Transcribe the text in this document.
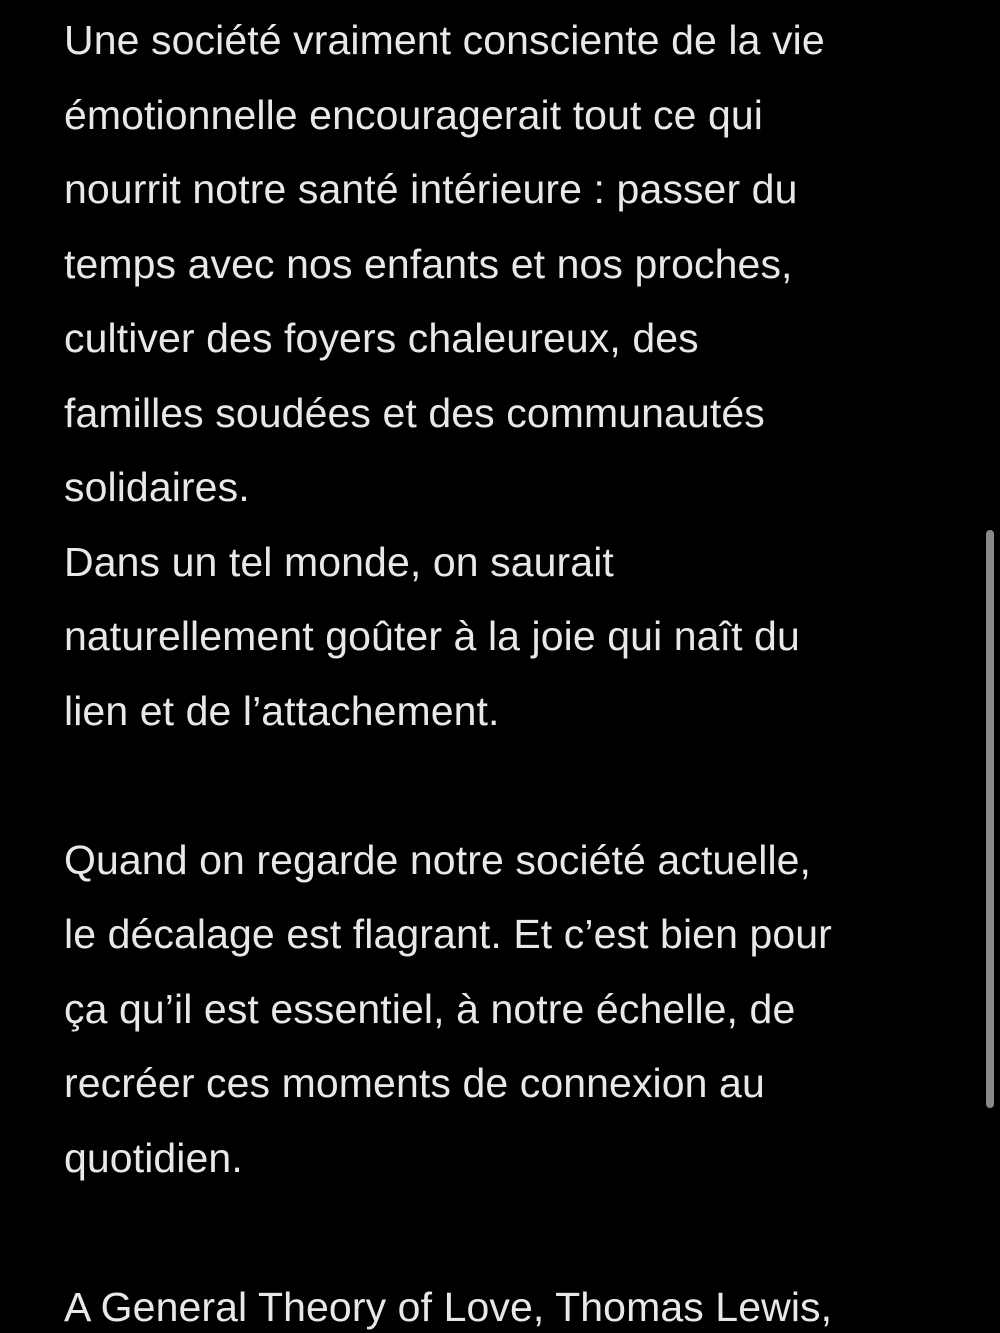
Une société vraiment consciente de la vie
émotionnelle encouragerait tout ce qui
nourrit notre santé intérieure : passer du
temps avec nos enfants et nos proches,
cultiver des foyers chaleureux, des
familles soudées et des communautés
solidaires.
Dans un tel monde, on saurait
naturellement goûter à la joie qui naît du
lien et de l’attachement.
Quand on regarde notre société actuelle,
le décalage est flagrant. Et c’est bien pour
ça qu’il est essentiel, à notre échelle, de
recréer ces moments de connexion au
quotidien.
A General Theory of Love, Thomas Lewis,
